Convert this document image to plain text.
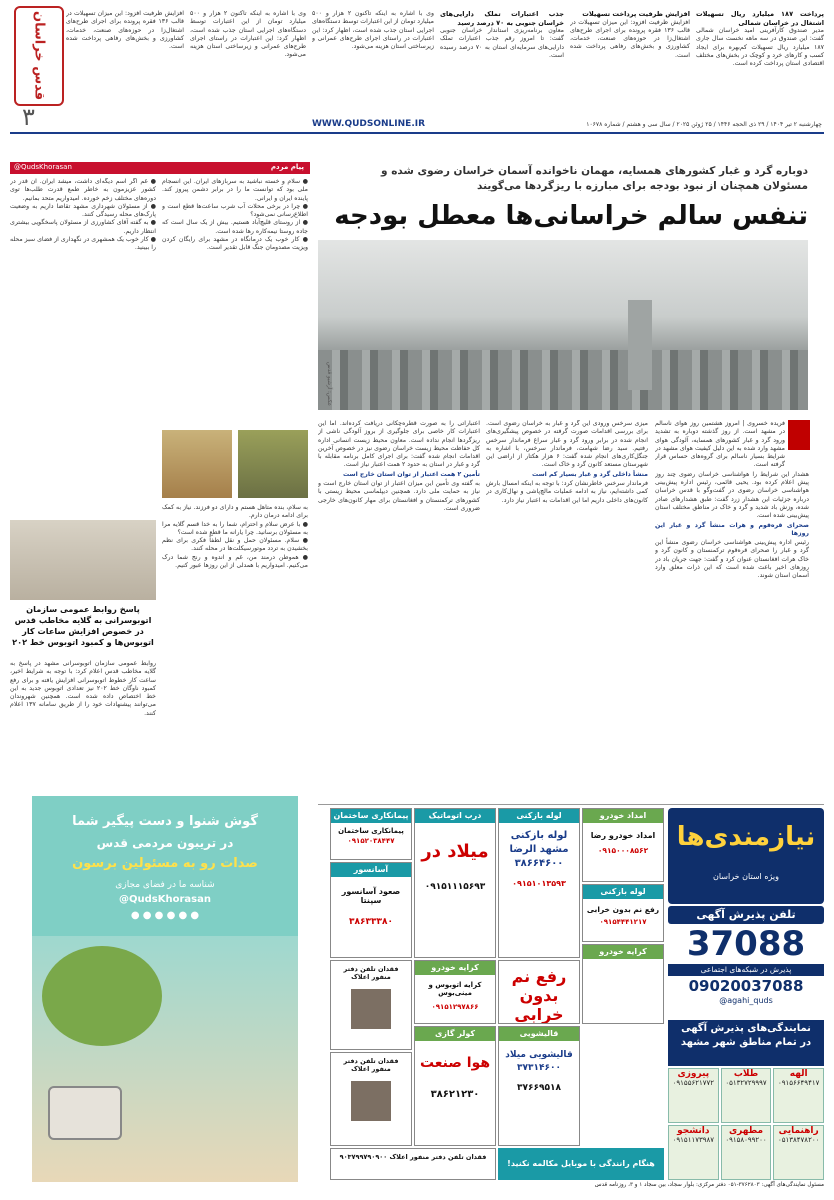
پرداخت ۱۸۷ میلیارد ریال تسهیلات اشتغال در خراسان شمالی
مدیر صندوق کارآفرینی امید خراسان شمالی گفت: این صندوق در سه ماهه نخست سال جاری ۱۸۷ میلیارد ریال تسهیلات کم‌بهره برای ایجاد کسب و کارهای خرد و کوچک در بخش‌های مختلف اقتصادی استان پرداخت کرده است.
افزایش ظرفیت پرداخت تسهیلات
افزایش ظرفیت افزود: این میزان تسهیلات در قالب ۱۳۶ فقره پرونده برای اجرای طرح‌های اشتغال‌زا در حوزه‌های صنعت، خدمات، کشاورزی و بخش‌های رفاهی پرداخت شده است.
جذب اعتبارات تملک دارایی‌های خراسان جنوبی به ۷۰ درصد رسید
معاون برنامه‌ریزی استاندار خراسان جنوبی گفت: تا امروز رقم جذب اعتبارات تملک دارایی‌های سرمایه‌ای استان به ۷۰ درصد رسیده است.
وی با اشاره به اینکه تاکنون ۲ هزار و ۵۰۰ میلیارد تومان از این اعتبارات توسط دستگاه‌های اجرایی استان جذب شده است، اظهار کرد: این اعتبارات در راستای اجرای طرح‌های عمرانی و زیرساختی استان هزینه می‌شود.
وی با اشاره به اینکه تاکنون ۲ هزار و ۵۰۰ میلیارد تومان از این اعتبارات توسط دستگاه‌های اجرایی استان جذب شده است، اظهار کرد: این اعتبارات در راستای اجرای طرح‌های عمرانی و زیرساختی استان هزینه می‌شود.
افزایش ظرفیت افزود: این میزان تسهیلات در قالب ۱۳۶ فقره پرونده برای اجرای طرح‌های اشتغال‌زا در حوزه‌های صنعت، خدمات، کشاورزی و بخش‌های رفاهی پرداخت شده است.
قدس خراسان
۳	WWW.QUDSONLINE.IR	چهارشنبه ۲ تیر ۱۴۰۴ / ۲۹ ذی الحجه ۱۴۴۶ / ۲۵ ژوئن ۲۰۲۵ / سال سی و هشتم / شماره ۱۰۶۷۸
پیام مردم
@QudsKhorasan
● سلام و خسته نباشید به سربازهای ایران. این انسجام ملی بود که توانست ما را در برابر دشمن پیروز کند. پاینده ایران و ایرانی.
● چرا در برخی محلات آب شرب ساعت‌ها قطع است و اطلاع‌رسانی نمی‌شود؟
● از روستای قلیچ‌آباد هستیم. بیش از یک سال است که جاده روستا نیمه‌کاره رها شده است.
● کار خوب یک درمانگاه در مشهد برای رایگان کردن ویزیت مصدومان جنگ قابل تقدیر است.
● غم اگر اسم دیگه‌ای داشت، میشد ایران. آن قدر در کشور عزیزمون به خاطر طمع قدرت طلب‌ها توی دوره‌های مختلف زخم خورده. امیدواریم متحد بمانیم.
● از مسئولان شهرداری مشهد تقاضا داریم به وضعیت پارک‌های محله رسیدگی کنند.
● به گفته آقای کشاورزی از مسئولان پاسخگویی بیشتری انتظار داریم.
● کار خوب یک همشهری در نگهداری از فضای سبز محله را ببینید.
به سلام، بنده متأهل هستم و دارای دو فرزند. نیاز به کمک برای ادامه درمان دارم.
● با عرض سلام و احترام، شما را به خدا قسم گلایه مرا به مسئولان برسانید. چرا یارانه ما قطع شده است؟
● سلام. مسئولان حمل و نقل لطفاً فکری برای نظم بخشیدن به تردد موتورسیکلت‌ها در محله کنند.
● هموطن درمند من، غم و اندوه و رنج شما درک می‌کنیم. امیدواریم با همدلی از این روزها عبور کنیم.
پاسخ روابط عمومی سازمان اتوبوسرانی به گلایه مخاطب قدس در خصوص افزایش ساعات کار اتوبوس‌ها و کمبود اتوبوس خط ۲۰۲
روابط عمومی سازمان اتوبوسرانی مشهد در پاسخ به گلایه مخاطب قدس اعلام کرد: با توجه به شرایط اخیر، ساعت کار خطوط اتوبوسرانی افزایش یافته و برای رفع کمبود ناوگان خط ۲۰۲ نیز تعدادی اتوبوس جدید به این خط اختصاص داده شده است. همچنین شهروندان می‌توانند پیشنهادات خود را از طریق سامانه ۱۳۷ اعلام کنند.
گوش شنوا و دست پیگیر شما
در تریبون مردمی قدس
صدات رو به مسئولین برسون
شناسه ما در فضای مجازی
@QudsKhorasan
● ● ● ● ● ●
دوباره گرد و غبار کشورهای همسایه، مهمان ناخوانده آسمان خراسان رضوی شده و مسئولان همچنان از نبود بودجه برای مبارزه با ریزگردها می‌گویند
تنفس سالم خراسانی‌ها معطل بودجه
عکس: آرشیو قدس

فریده خسروی | امروز هشتمین روز هوای ناسالم در مشهد است. از روز گذشته دوباره به تشدید ورود گرد و غبار کشورهای همسایه، آلودگی هوای مشهد وارد شده به این دلیل کیفیت هوای مشهد در شرایط بسیار ناسالم برای گروه‌های حساس قرار گرفته است.

هشدار این شرایط را هواشناسی خراسان رضوی چند روز پیش اعلام کرده بود. یحیی قائمی، رئیس اداره پیش‌بینی هواشناسی خراسان رضوی در گفت‌وگو با قدس خراسان درباره جزئیات این هشدار زرد گفت: طبق هشدارهای صادر شده، وزش باد شدید و گرد و خاک در مناطق مختلف استان پیش‌بینی شده است.

صحرای قره‌قوم و هرات منشأ گرد و غبار این روزها

رئیس اداره پیش‌بینی هواشناسی خراسان رضوی منشأ این گرد و غبار را صحرای قره‌قوم ترکمنستان و کانون گرد و خاک هرات افغانستان عنوان کرد و گفت: جهت جریان باد در روزهای اخیر باعث شده است که این ذرات معلق وارد آسمان استان شوند.

میزی سرخس ورودی این گرد و غبار به خراسان رضوی است. برای بررسی اقدامات صورت گرفته در خصوص پیشگیری‌های انجام شده در برابر ورود گرد و غبار سراغ فرماندار سرخس رفتیم. سید رضا شهامت، فرماندار سرخس، با اشاره به جنگل‌کاری‌های انجام شده گفت: ۶ هزار هکتار از اراضی این شهرستان مستعد کانون گرد و خاک است.

منشأ داخلی گرد و غبار بسیار کم است

فرماندار سرخس خاطرنشان کرد: با توجه به اینکه امسال بارش کمی داشته‌ایم، نیاز به ادامه عملیات مالچ‌پاشی و نهال‌کاری در کانون‌های داخلی داریم اما این اقدامات به اعتبار نیاز دارد.

اعتباراتی را به صورت قطره‌چکانی دریافت کرده‌اند. اما این اعتبارات کار خاصی برای جلوگیری از بروز آلودگی ناشی از ریزگردها انجام نداده است. معاون محیط زیست انسانی اداره کل حفاظت محیط زیست خراسان رضوی نیز در خصوص آخرین اقدامات انجام شده گفت: برای اجرای کامل برنامه مقابله با گرد و غبار در استان به حدود ۲ همت اعتبار نیاز است.

تأمین ۲ همت اعتبار از توان استان خارج است

به گفته وی تأمین این میزان اعتبار از توان استان خارج است و نیاز به حمایت ملی دارد. همچنین دیپلماسی محیط زیستی با کشورهای ترکمنستان و افغانستان برای مهار کانون‌های خارجی ضروری است.

نیازمندی‌ها
ویژه استان خراسان
تلفن پذیرش آگهی
37088
پذیرش در شبکه‌های اجتماعی
09020037088
@agahi_quds
نمایندگی‌های پذیرش آگهی در تمام مناطق شهر مشهد
الهه
۰۹۱۵۶۶۴۹۴۱۷
طلاب
۰۵۱۳۲۷۲۹۹۹۷
پیروزی
۰۹۱۵۵۶۲۱۷۷۲
راهنمایی
۰۵۱۳۸۴۷۸۲۰۰
مطهری
۰۹۱۵۸۰۹۹۲۰۰
دانشجو
۰۹۱۵۱۱۷۳۹۸۷
مسئول نمایندگی‌های آگهی: ۳۷۶۲۸۰۳-۰۵۱ دفتر مرکزی: بلوار سجاد، بین سجاد ۱ و ۳، روزنامه قدس
امداد خودرو
امداد خودرو رضا
۰۹۱۵۰۰۰۸۵۶۲
لوله بازکنی
لوله بازکنی مشهد الرضا ۳۸۶۶۴۶۰۰
۰۹۱۵۱۰۱۳۵۹۳
درب اتوماتیک
میلاد در
۰۹۱۵۱۱۱۵۶۹۳
پیمانکاری ساختمان
پیمانکاری ساختمان
۰۹۱۵۲۰۳۸۴۴۷
لوله بازکنی
رفع نم بدون خرابی
۰۹۱۵۴۴۴۱۲۱۷
رفع نم بدون خرابی
کرایه خودرو
کرایه اتوبوس و مینی‌بوس
۰۹۱۵۱۲۹۷۸۶۶
آسانسور
صعود آسانسور سپنتا
۳۸۶۳۳۳۸۰
کرایه خودرو
فقدان تلفن دفتر منفور اعلاک
قالیشویی
قالیشویی میلاد ۳۷۳۱۴۶۰۰
۳۷۶۶۹۵۱۸
کولر گازی
هوا صنعت
۳۸۶۲۱۲۳۰
فقدان تلفن دفتر منفور اعلاک
فقدان تلفن دفتر منفور اعلاک ۹۰۳۷۹۹۷۹۰۹۰۰
هنگام رانندگی با موبایل مکالمه نکنید!
